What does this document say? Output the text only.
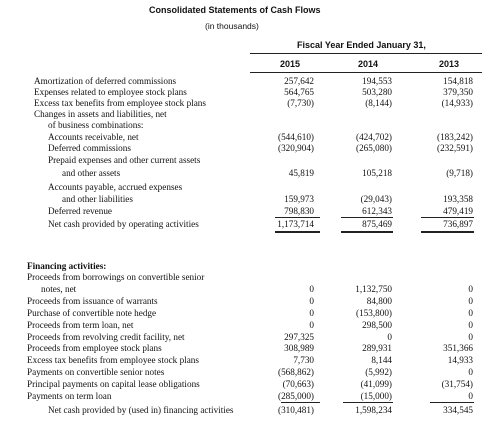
Consolidated Statements of Cash Flows
(in thousands)
Fiscal Year Ended January 31,
2015	2014	2013
Amortization of deferred commissions	257,642	194,553	154,818
Expenses related to employee stock plans	564,765	503,280	379,350
Excess tax benefits from employee stock plans	(7,730)	(8,144)	(14,933)
Changes in assets and liabilities, net
of business combinations:
Accounts receivable, net	(544,610)	(424,702)	(183,242)
Deferred commissions	(320,904)	(265,080)	(232,591)
Prepaid expenses and other current assets
and other assets	45,819	105,218	(9,718)
Accounts payable, accrued expenses
and other liabilities	159,973	(29,043)	193,358
Deferred revenue	798,830	612,343	479,419
Net cash provided by operating activities	1,173,714	875,469	736,897
Financing activities:
Proceeds from borrowings on convertible senior
notes, net	0	1,132,750	0
Proceeds from issuance of warrants	0	84,800	0
Purchase of convertible note hedge	0	(153,800)	0
Proceeds from term loan, net	0	298,500	0
Proceeds from revolving credit facility, net	297,325	0	0
Proceeds from employee stock plans	308,989	289,931	351,366
Excess tax benefits from employee stock plans	7,730	8,144	14,933
Payments on convertible senior notes	(568,862)	(5,992)	0
Principal payments on capital lease obligations	(70,663)	(41,099)	(31,754)
Payments on term loan	(285,000)	(15,000)	0
Net cash provided by (used in) financing activities	(310,481)	1,598,234	334,545
